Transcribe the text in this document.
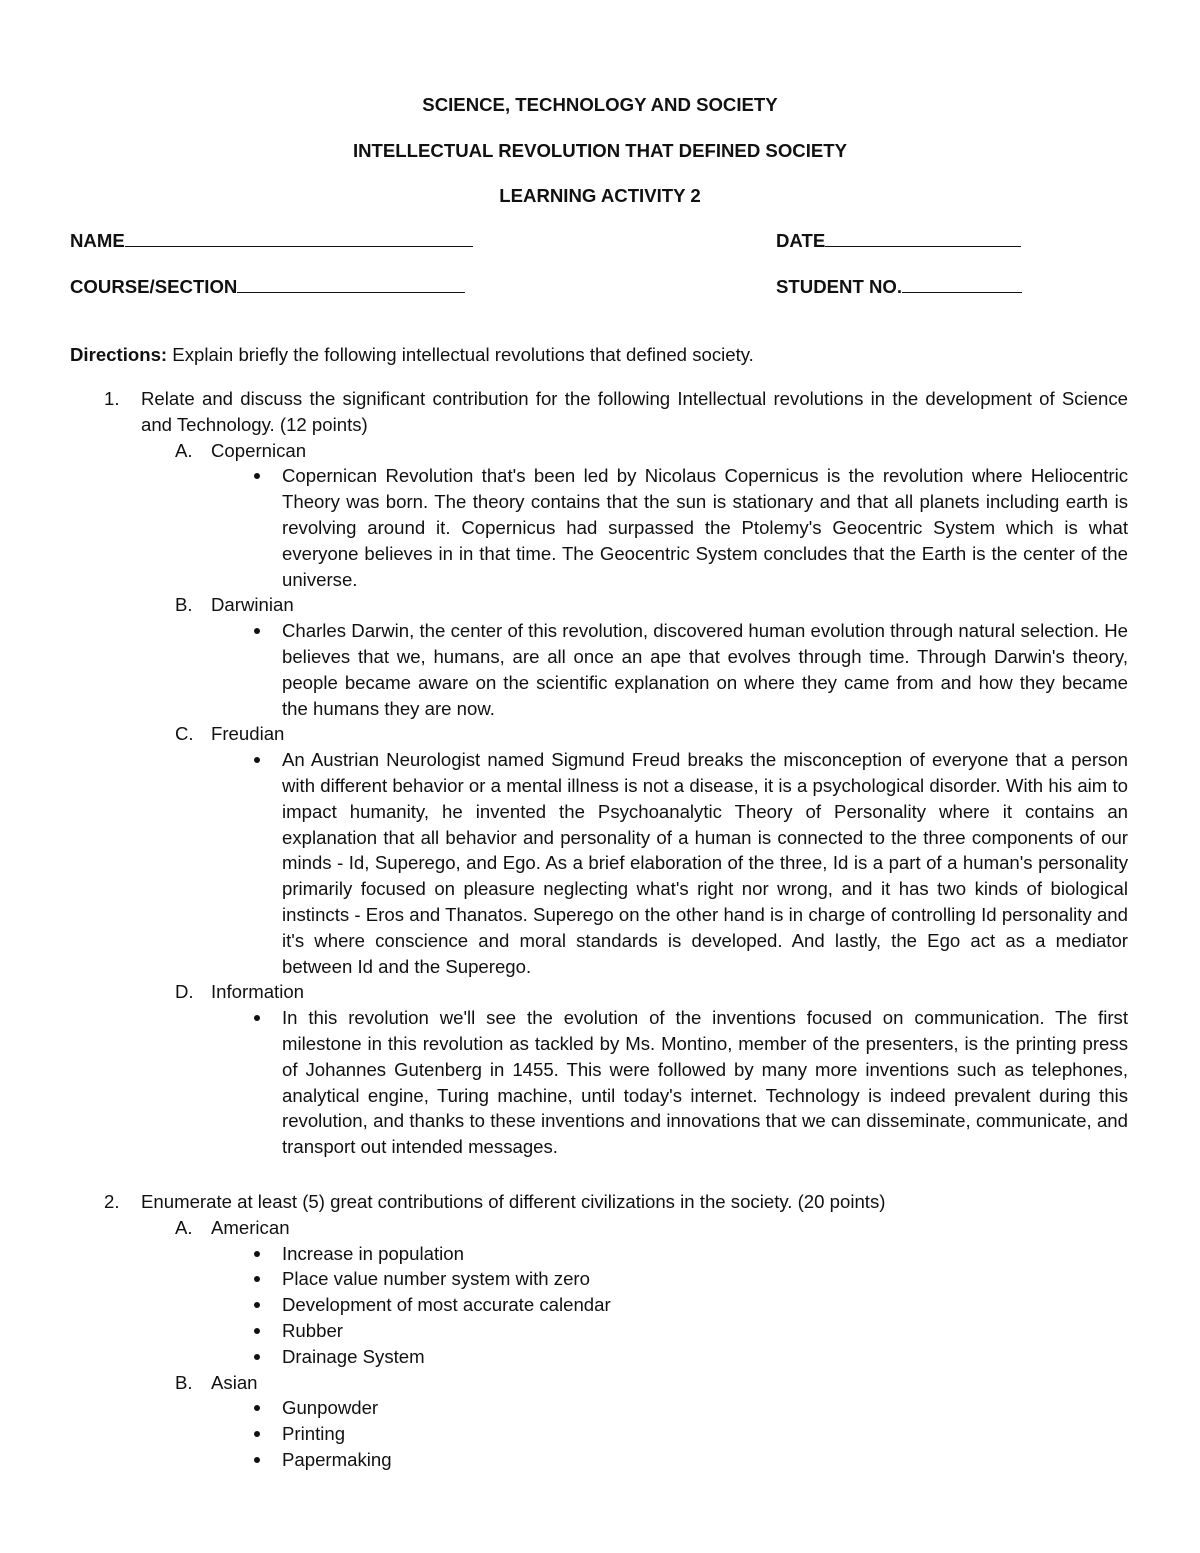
SCIENCE, TECHNOLOGY AND SOCIETY
INTELLECTUAL REVOLUTION THAT DEFINED SOCIETY
LEARNING ACTIVITY 2
NAME	DATE
COURSE/SECTION	STUDENT NO.
Directions: Explain briefly the following intellectual revolutions that defined society.
1. Relate and discuss the significant contribution for the following Intellectual revolutions in the development of Science and Technology. (12 points)
A. Copernican
Copernican Revolution that's been led by Nicolaus Copernicus is the revolution where Heliocentric Theory was born. The theory contains that the sun is stationary and that all planets including earth is revolving around it. Copernicus had surpassed the Ptolemy's Geocentric System which is what everyone believes in in that time. The Geocentric System concludes that the Earth is the center of the universe.
B. Darwinian
Charles Darwin, the center of this revolution, discovered human evolution through natural selection. He believes that we, humans, are all once an ape that evolves through time. Through Darwin's theory, people became aware on the scientific explanation on where they came from and how they became the humans they are now.
C. Freudian
An Austrian Neurologist named Sigmund Freud breaks the misconception of everyone that a person with different behavior or a mental illness is not a disease, it is a psychological disorder. With his aim to impact humanity, he invented the Psychoanalytic Theory of Personality where it contains an explanation that all behavior and personality of a human is connected to the three components of our minds - Id, Superego, and Ego. As a brief elaboration of the three, Id is a part of a human's personality primarily focused on pleasure neglecting what's right nor wrong, and it has two kinds of biological instincts - Eros and Thanatos. Superego on the other hand is in charge of controlling Id personality and it's where conscience and moral standards is developed. And lastly, the Ego act as a mediator between Id and the Superego.
D. Information
In this revolution we'll see the evolution of the inventions focused on communication. The first milestone in this revolution as tackled by Ms. Montino, member of the presenters, is the printing press of Johannes Gutenberg in 1455. This were followed by many more inventions such as telephones, analytical engine, Turing machine, until today's internet. Technology is indeed prevalent during this revolution, and thanks to these inventions and innovations that we can disseminate, communicate, and transport out intended messages.
2. Enumerate at least (5) great contributions of different civilizations in the society. (20 points)
A. American
Increase in population
Place value number system with zero
Development of most accurate calendar
Rubber
Drainage System
B. Asian
Gunpowder
Printing
Papermaking
